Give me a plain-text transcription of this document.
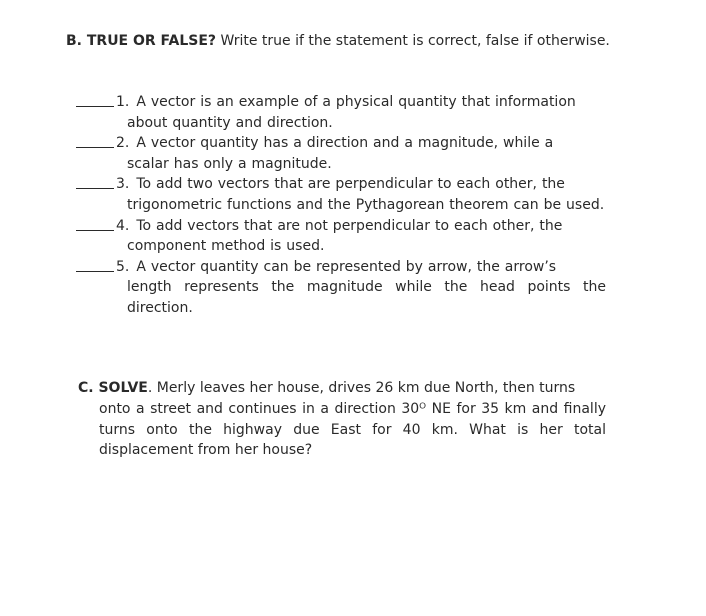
B. TRUE OR FALSE? Write true if the statement is correct, false if otherwise.
1. A vector is an example of a physical quantity that information
about quantity and direction.
2. A vector quantity has a direction and a magnitude, while a
scalar has only a magnitude.
3. To add two vectors that are perpendicular to each other, the
trigonometric functions and the Pythagorean theorem can be used.
4. To add vectors that are not perpendicular to each other, the
component method is used.
5. A vector quantity can be represented by arrow, the arrow’s
length represents the magnitude while the head points the direction.
C. SOLVE. Merly leaves her house, drives 26 km due North, then turns
onto a street and continues in a direction 30ᴼ NE for 35 km and finally turns onto the highway due East for 40 km. What is her total displacement from her house?
